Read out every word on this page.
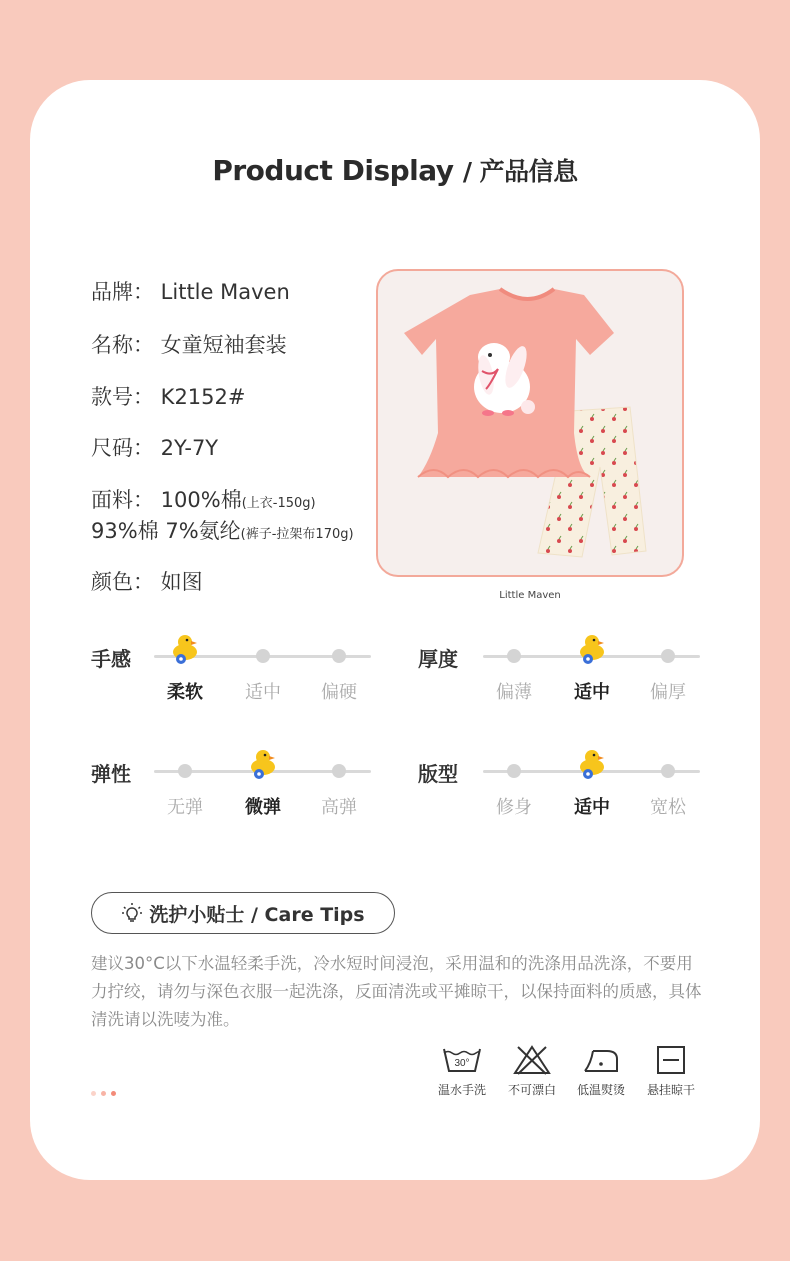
Product Display / 产品信息
品牌： Little Maven
名称： 女童短袖套装
款号： K2152#
尺码： 2Y-7Y
面料： 100%棉(上衣-150g)
93%棉 7%氨纶(裤子-拉架布170g)
颜色： 如图
Little Maven
手感
柔软	适中	偏硬
厚度
偏薄	适中	偏厚
弹性
无弹	微弹	高弹
版型
修身	适中	宽松
洗护小贴士 / Care Tips
建议30°C以下水温轻柔手洗，冷水短时间浸泡，采用温和的洗涤用品洗涤，不要用力拧绞，请勿与深色衣服一起洗涤，反面清洗或平摊晾干，以保持面料的质感，具体清洗请以洗唛为准。
30°
温水手洗	不可漂白	低温熨烫	悬挂晾干
